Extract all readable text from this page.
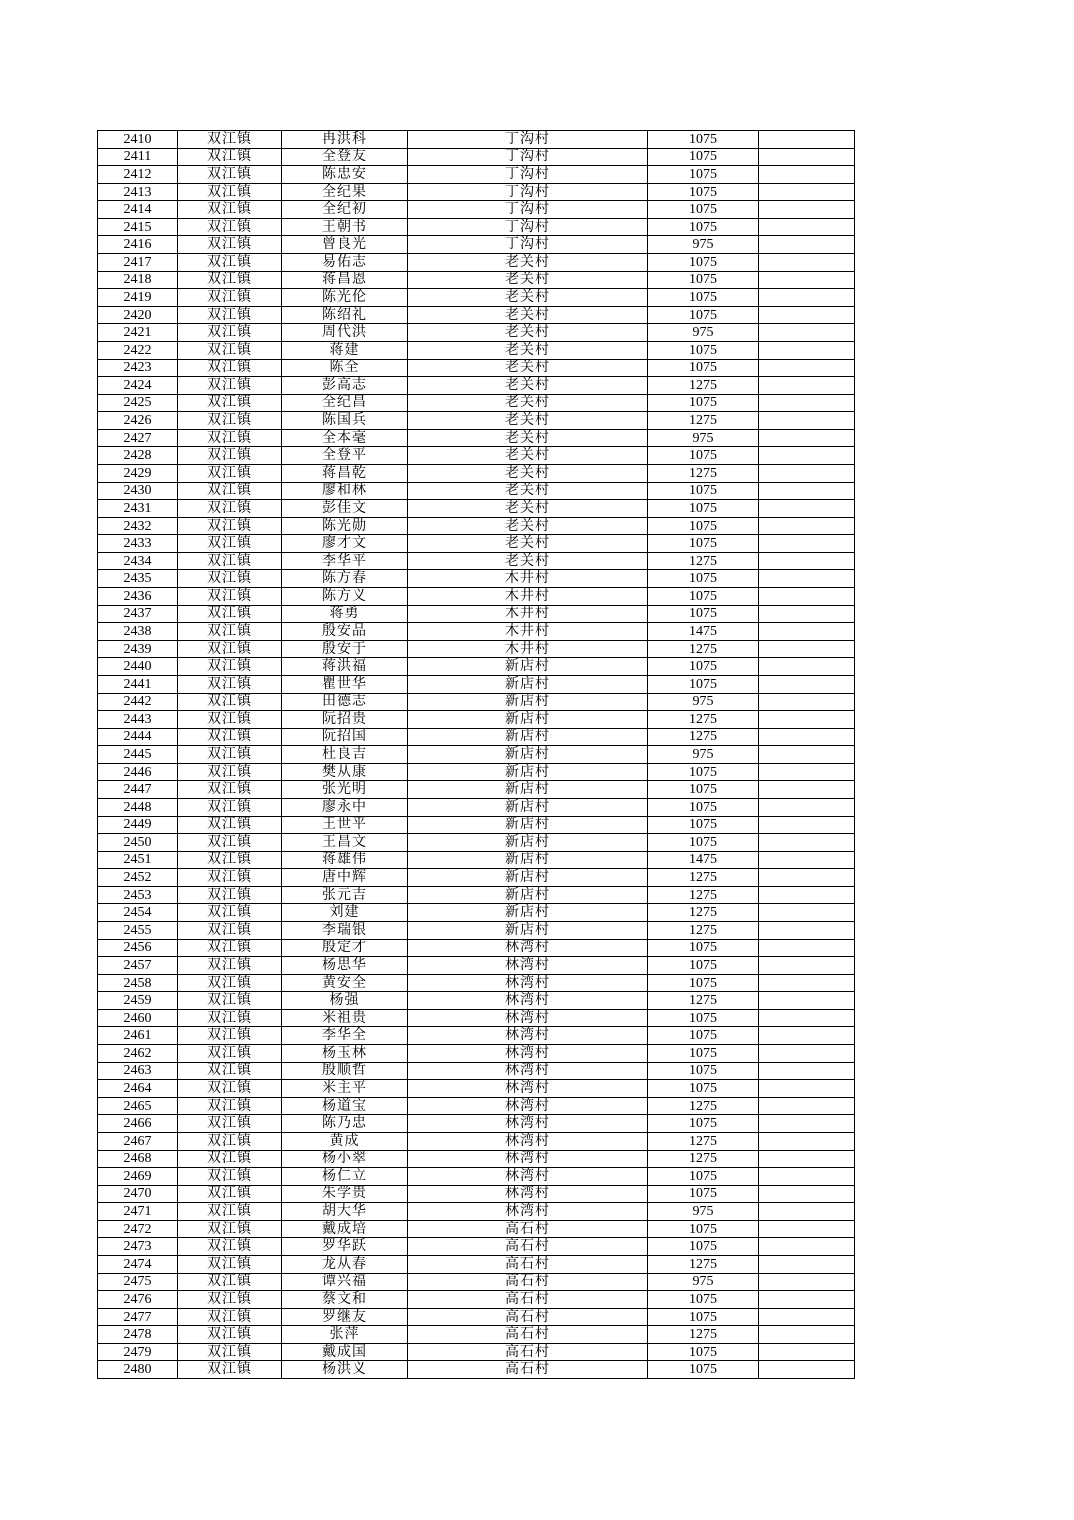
2410	双江镇	冉洪科	丁沟村	1075	
2411	双江镇	全登友	丁沟村	1075	
2412	双江镇	陈忠安	丁沟村	1075	
2413	双江镇	全纪果	丁沟村	1075	
2414	双江镇	全纪初	丁沟村	1075	
2415	双江镇	王朝书	丁沟村	1075	
2416	双江镇	曾良光	丁沟村	975	
2417	双江镇	易佑志	老关村	1075	
2418	双江镇	蒋昌恩	老关村	1075	
2419	双江镇	陈光伦	老关村	1075	
2420	双江镇	陈绍礼	老关村	1075	
2421	双江镇	周代洪	老关村	975	
2422	双江镇	蒋建	老关村	1075	
2423	双江镇	陈全	老关村	1075	
2424	双江镇	彭高志	老关村	1275	
2425	双江镇	全纪昌	老关村	1075	
2426	双江镇	陈国兵	老关村	1275	
2427	双江镇	全本毫	老关村	975	
2428	双江镇	全登平	老关村	1075	
2429	双江镇	蒋昌乾	老关村	1275	
2430	双江镇	廖和林	老关村	1075	
2431	双江镇	彭佳文	老关村	1075	
2432	双江镇	陈光勋	老关村	1075	
2433	双江镇	廖才文	老关村	1075	
2434	双江镇	李华平	老关村	1275	
2435	双江镇	陈方春	木井村	1075	
2436	双江镇	陈方义	木井村	1075	
2437	双江镇	蒋勇	木井村	1075	
2438	双江镇	殷安品	木井村	1475	
2439	双江镇	殷安于	木井村	1275	
2440	双江镇	蒋洪福	新店村	1075	
2441	双江镇	瞿世华	新店村	1075	
2442	双江镇	田德志	新店村	975	
2443	双江镇	阮招贵	新店村	1275	
2444	双江镇	阮招国	新店村	1275	
2445	双江镇	杜良吉	新店村	975	
2446	双江镇	樊从康	新店村	1075	
2447	双江镇	张光明	新店村	1075	
2448	双江镇	廖永中	新店村	1075	
2449	双江镇	王世平	新店村	1075	
2450	双江镇	王昌文	新店村	1075	
2451	双江镇	蒋雄伟	新店村	1475	
2452	双江镇	唐中辉	新店村	1275	
2453	双江镇	张元吉	新店村	1275	
2454	双江镇	刘建	新店村	1275	
2455	双江镇	李瑞银	新店村	1275	
2456	双江镇	殷定才	林湾村	1075	
2457	双江镇	杨思华	林湾村	1075	
2458	双江镇	黄安全	林湾村	1075	
2459	双江镇	杨强	林湾村	1275	
2460	双江镇	米祖贵	林湾村	1075	
2461	双江镇	李华全	林湾村	1075	
2462	双江镇	杨玉林	林湾村	1075	
2463	双江镇	殷顺哲	林湾村	1075	
2464	双江镇	米主平	林湾村	1075	
2465	双江镇	杨道宝	林湾村	1275	
2466	双江镇	陈乃忠	林湾村	1075	
2467	双江镇	黄成	林湾村	1275	
2468	双江镇	杨小翠	林湾村	1275	
2469	双江镇	杨仁立	林湾村	1075	
2470	双江镇	朱学贵	林湾村	1075	
2471	双江镇	胡大华	林湾村	975	
2472	双江镇	戴成培	高石村	1075	
2473	双江镇	罗华跃	高石村	1075	
2474	双江镇	龙从春	高石村	1275	
2475	双江镇	谭兴福	高石村	975	
2476	双江镇	蔡文和	高石村	1075	
2477	双江镇	罗继友	高石村	1075	
2478	双江镇	张萍	高石村	1275	
2479	双江镇	戴成国	高石村	1075	
2480	双江镇	杨洪义	高石村	1075	
